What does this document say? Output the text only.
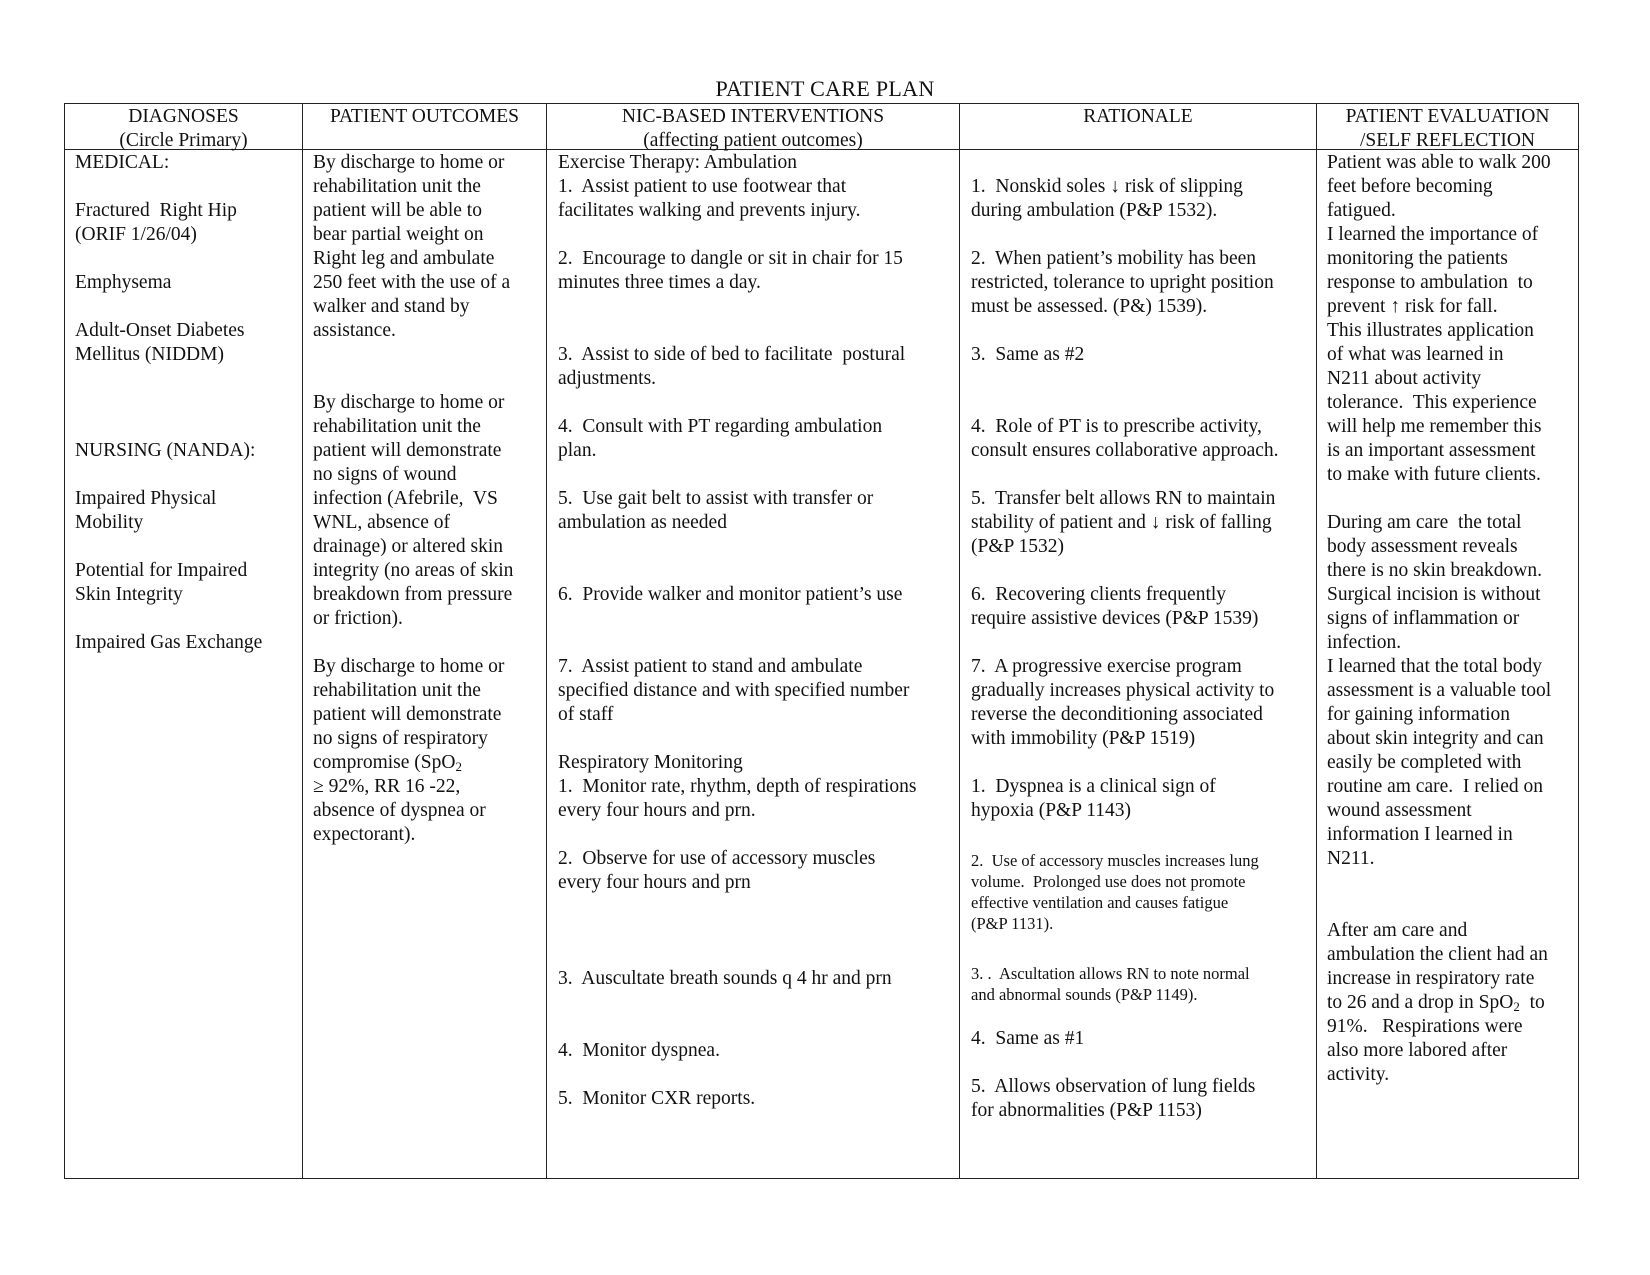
PATIENT CARE PLAN
DIAGNOSES
(Circle Primary)
MEDICAL:
Fractured  Right Hip
(ORIF 1/26/04)
Emphysema
Adult-Onset Diabetes
Mellitus (NIDDM)
NURSING (NANDA):
Impaired Physical
Mobility
Potential for Impaired
Skin Integrity
Impaired Gas Exchange
PATIENT OUTCOMES
By discharge to home or
rehabilitation unit the
patient will be able to
bear partial weight on
Right leg and ambulate
250 feet with the use of a
walker and stand by
assistance.
By discharge to home or
rehabilitation unit the
patient will demonstrate
no signs of wound
infection (Afebrile,  VS
WNL, absence of
drainage) or altered skin
integrity (no areas of skin
breakdown from pressure
or friction).
By discharge to home or
rehabilitation unit the
patient will demonstrate
no signs of respiratory
compromise (SpO$_2$
≥ 92%, RR 16 -22,
absence of dyspnea or
expectorant).
NIC-BASED INTERVENTIONS
(affecting patient outcomes)
Exercise Therapy: Ambulation
1.  Assist patient to use footwear that
facilitates walking and prevents injury.
2.  Encourage to dangle or sit in chair for 15
minutes three times a day.
3.  Assist to side of bed to facilitate  postural
adjustments.
4.  Consult with PT regarding ambulation
plan.
5.  Use gait belt to assist with transfer or
ambulation as needed
6.  Provide walker and monitor patient’s use
7.  Assist patient to stand and ambulate
specified distance and with specified number
of staff
Respiratory Monitoring
1.  Monitor rate, rhythm, depth of respirations
every four hours and prn.
2.  Observe for use of accessory muscles
every four hours and prn
3.  Auscultate breath sounds q 4 hr and prn
4.  Monitor dyspnea.
5.  Monitor CXR reports.
RATIONALE
1.  Nonskid soles ↓ risk of slipping
during ambulation (P&P 1532).
2.  When patient’s mobility has been
restricted, tolerance to upright position
must be assessed. (P&) 1539).
3.  Same as #2
4.  Role of PT is to prescribe activity,
consult ensures collaborative approach.
5.  Transfer belt allows RN to maintain
stability of patient and ↓ risk of falling
(P&P 1532)
6.  Recovering clients frequently
require assistive devices (P&P 1539)
7.  A progressive exercise program
gradually increases physical activity to
reverse the deconditioning associated
with immobility (P&P 1519)
1.  Dyspnea is a clinical sign of
hypoxia (P&P 1143)
2.  Use of accessory muscles increases lung
volume.  Prolonged use does not promote
effective ventilation and causes fatigue
(P&P 1131).
3. .  Ascultation allows RN to note normal
and abnormal sounds (P&P 1149).
4.  Same as #1
5.  Allows observation of lung fields
for abnormalities (P&P 1153)
PATIENT EVALUATION
/SELF REFLECTION
Patient was able to walk 200
feet before becoming
fatigued.
I learned the importance of
monitoring the patients
response to ambulation  to
prevent ↑ risk for fall.
This illustrates application
of what was learned in
N211 about activity
tolerance.  This experience
will help me remember this
is an important assessment
to make with future clients.
During am care  the total
body assessment reveals
there is no skin breakdown.
Surgical incision is without
signs of inflammation or
infection.
I learned that the total body
assessment is a valuable tool
for gaining information
about skin integrity and can
easily be completed with
routine am care.  I relied on
wound assessment
information I learned in
N211.
After am care and
ambulation the client had an
increase in respiratory rate
to 26 and a drop in SpO$_2$  to
91%.   Respirations were
also more labored after
activity.
